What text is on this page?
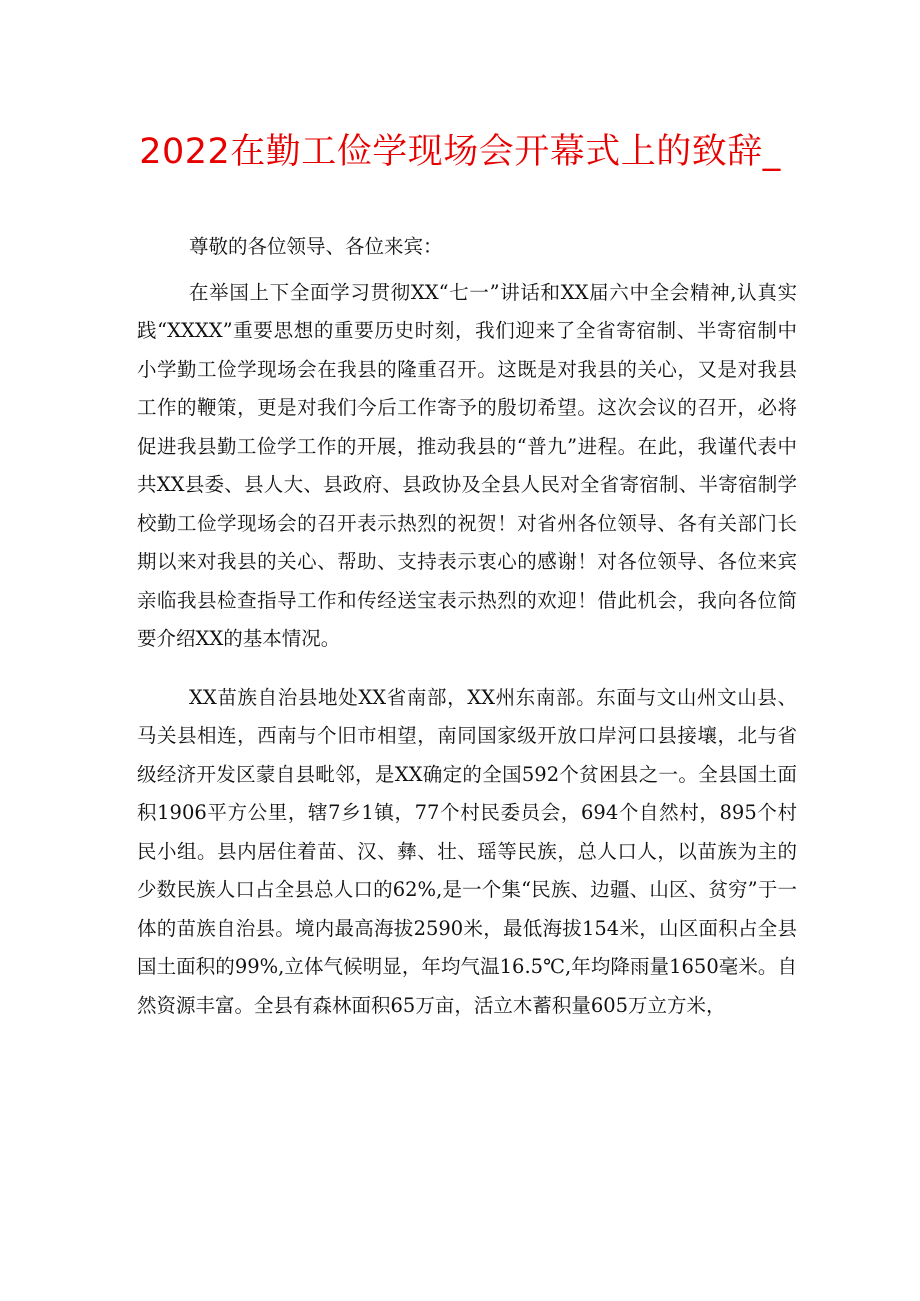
2022在勤工俭学现场会开幕式上的致辞_

尊敬的各位领导、各位来宾：

在举国上下全面学习贯彻XX“七一”讲话和XX届六中全会精神,认真实践“XXXX”重要思想的重要历史时刻，我们迎来了全省寄宿制、半寄宿制中小学勤工俭学现场会在我县的隆重召开。这既是对我县的关心，又是对我县工作的鞭策，更是对我们今后工作寄予的殷切希望。这次会议的召开，必将促进我县勤工俭学工作的开展，推动我县的“普九”进程。在此，我谨代表中共XX县委、县人大、县政府、县政协及全县人民对全省寄宿制、半寄宿制学校勤工俭学现场会的召开表示热烈的祝贺！对省州各位领导、各有关部门长期以来对我县的关心、帮助、支持表示衷心的感谢！对各位领导、各位来宾亲临我县检查指导工作和传经送宝表示热烈的欢迎！借此机会，我向各位简要介绍XX的基本情况。

XX苗族自治县地处XX省南部，XX州东南部。东面与文山州文山县、马关县相连，西南与个旧市相望，南同国家级开放口岸河口县接壤，北与省级经济开发区蒙自县毗邻，是XX确定的全国592个贫困县之一。全县国土面积1906平方公里，辖7乡1镇，77个村民委员会，694个自然村，895个村民小组。县内居住着苗、汉、彝、壮、瑶等民族，总人口人，以苗族为主的少数民族人口占全县总人口的62%,是一个集“民族、边疆、山区、贫穷”于一体的苗族自治县。境内最高海拔2590米，最低海拔154米，山区面积占全县国土面积的99%,立体气候明显，年均气温16.5℃,年均降雨量1650毫米。自然资源丰富。全县有森林面积65万亩，活立木蓄积量605万立方米，
